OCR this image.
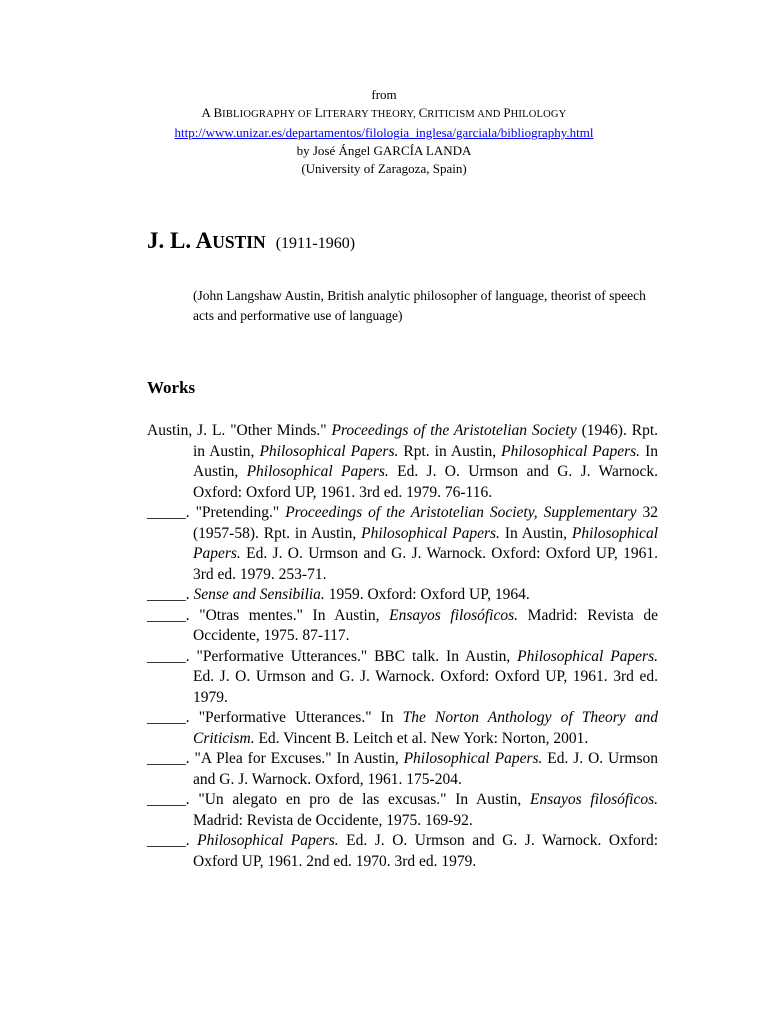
from
A BIBLIOGRAPHY OF LITERARY THEORY, CRITICISM AND PHILOLOGY
http://www.unizar.es/departamentos/filologia_inglesa/garciala/bibliography.html
by José Ángel GARCÍA LANDA
(University of Zaragoza, Spain)
J. L. AUSTIN (1911-1960)
(John Langshaw Austin, British analytic philosopher of language, theorist of speech acts and performative use of language)
Works

Austin, J. L. "Other Minds." Proceedings of the Aristotelian Society (1946). Rpt. in Austin, Philosophical Papers. Rpt. in Austin, Philosophical Papers. In Austin, Philosophical Papers. Ed. J. O. Urmson and G. J. Warnock. Oxford: Oxford UP, 1961. 3rd ed. 1979. 76-116.

_____. "Pretending." Proceedings of the Aristotelian Society, Supplementary 32 (1957-58). Rpt. in Austin, Philosophical Papers. In Austin, Philosophical Papers. Ed. J. O. Urmson and G. J. Warnock. Oxford: Oxford UP, 1961. 3rd ed. 1979. 253-71.

_____. Sense and Sensibilia. 1959. Oxford: Oxford UP, 1964.

_____. "Otras mentes." In Austin, Ensayos filosóficos. Madrid: Revista de Occidente, 1975. 87-117.

_____. "Performative Utterances." BBC talk. In Austin, Philosophical Papers. Ed. J. O. Urmson and G. J. Warnock. Oxford: Oxford UP, 1961. 3rd ed. 1979.

_____. "Performative Utterances." In The Norton Anthology of Theory and Criticism. Ed. Vincent B. Leitch et al. New York: Norton, 2001.

_____. "A Plea for Excuses." In Austin, Philosophical Papers. Ed. J. O. Urmson and G. J. Warnock. Oxford, 1961. 175-204.

_____. "Un alegato en pro de las excusas." In Austin, Ensayos filosóficos. Madrid: Revista de Occidente, 1975. 169-92.

_____. Philosophical Papers. Ed. J. O. Urmson and G. J. Warnock. Oxford: Oxford UP, 1961. 2nd ed. 1970. 3rd ed. 1979.
